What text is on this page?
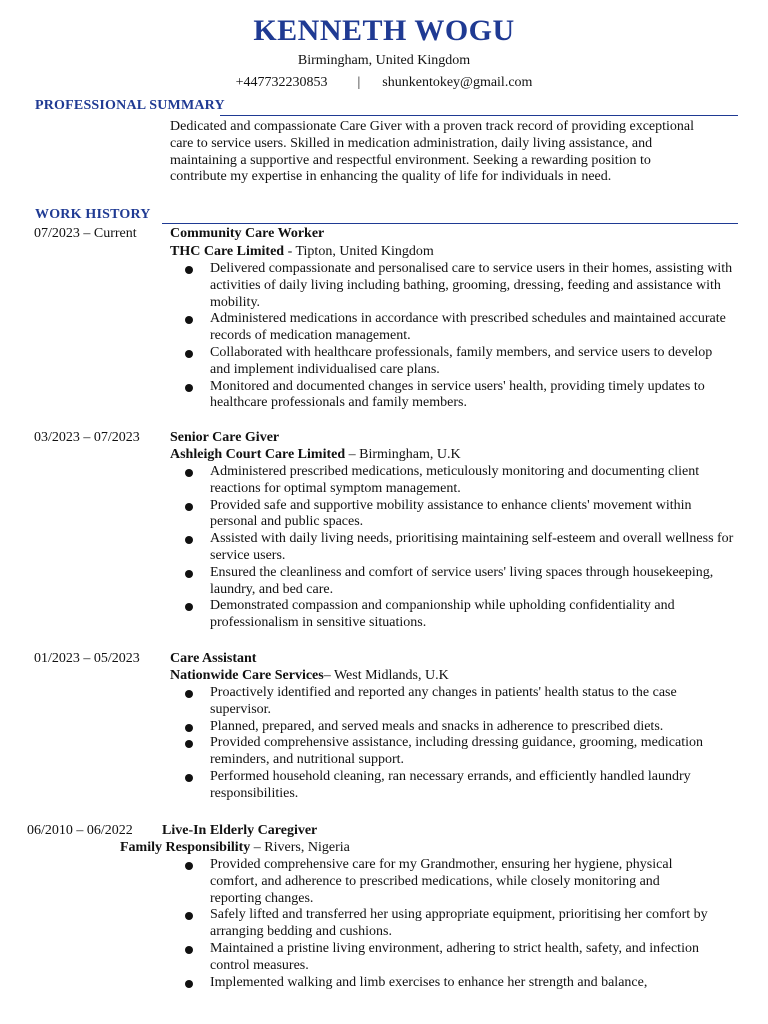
KENNETH WOGU
Birmingham, United Kingdom
+447732230853 | shunkentokey@gmail.com
PROFESSIONAL SUMMARY
Dedicated and compassionate Care Giver with a proven track record of providing exceptional care to service users. Skilled in medication administration, daily living assistance, and maintaining a supportive and respectful environment. Seeking a rewarding position to contribute my expertise in enhancing the quality of life for individuals in need.
WORK HISTORY
07/2023 – Current Community Care Worker
THC Care Limited - Tipton, United Kingdom
Delivered compassionate and personalised care to service users in their homes, assisting with activities of daily living including bathing, grooming, dressing, feeding and assistance with mobility.
Administered medications in accordance with prescribed schedules and maintained accurate records of medication management.
Collaborated with healthcare professionals, family members, and service users to develop and implement individualised care plans.
Monitored and documented changes in service users' health, providing timely updates to healthcare professionals and family members.
03/2023 – 07/2023 Senior Care Giver
Ashleigh Court Care Limited – Birmingham, U.K
Administered prescribed medications, meticulously monitoring and documenting client reactions for optimal symptom management.
Provided safe and supportive mobility assistance to enhance clients' movement within personal and public spaces.
Assisted with daily living needs, prioritising maintaining self-esteem and overall wellness for service users.
Ensured the cleanliness and comfort of service users' living spaces through housekeeping, laundry, and bed care.
Demonstrated compassion and companionship while upholding confidentiality and professionalism in sensitive situations.
01/2023 – 05/2023 Care Assistant
Nationwide Care Services– West Midlands, U.K
Proactively identified and reported any changes in patients' health status to the case supervisor.
Planned, prepared, and served meals and snacks in adherence to prescribed diets.
Provided comprehensive assistance, including dressing guidance, grooming, medication reminders, and nutritional support.
Performed household cleaning, ran necessary errands, and efficiently handled laundry responsibilities.
06/2010 – 06/2022 Live-In Elderly Caregiver
Family Responsibility – Rivers, Nigeria
Provided comprehensive care for my Grandmother, ensuring her hygiene, physical comfort, and adherence to prescribed medications, while closely monitoring and reporting changes.
Safely lifted and transferred her using appropriate equipment, prioritising her comfort by arranging bedding and cushions.
Maintained a pristine living environment, adhering to strict health, safety, and infection control measures.
Implemented walking and limb exercises to enhance her strength and balance,
